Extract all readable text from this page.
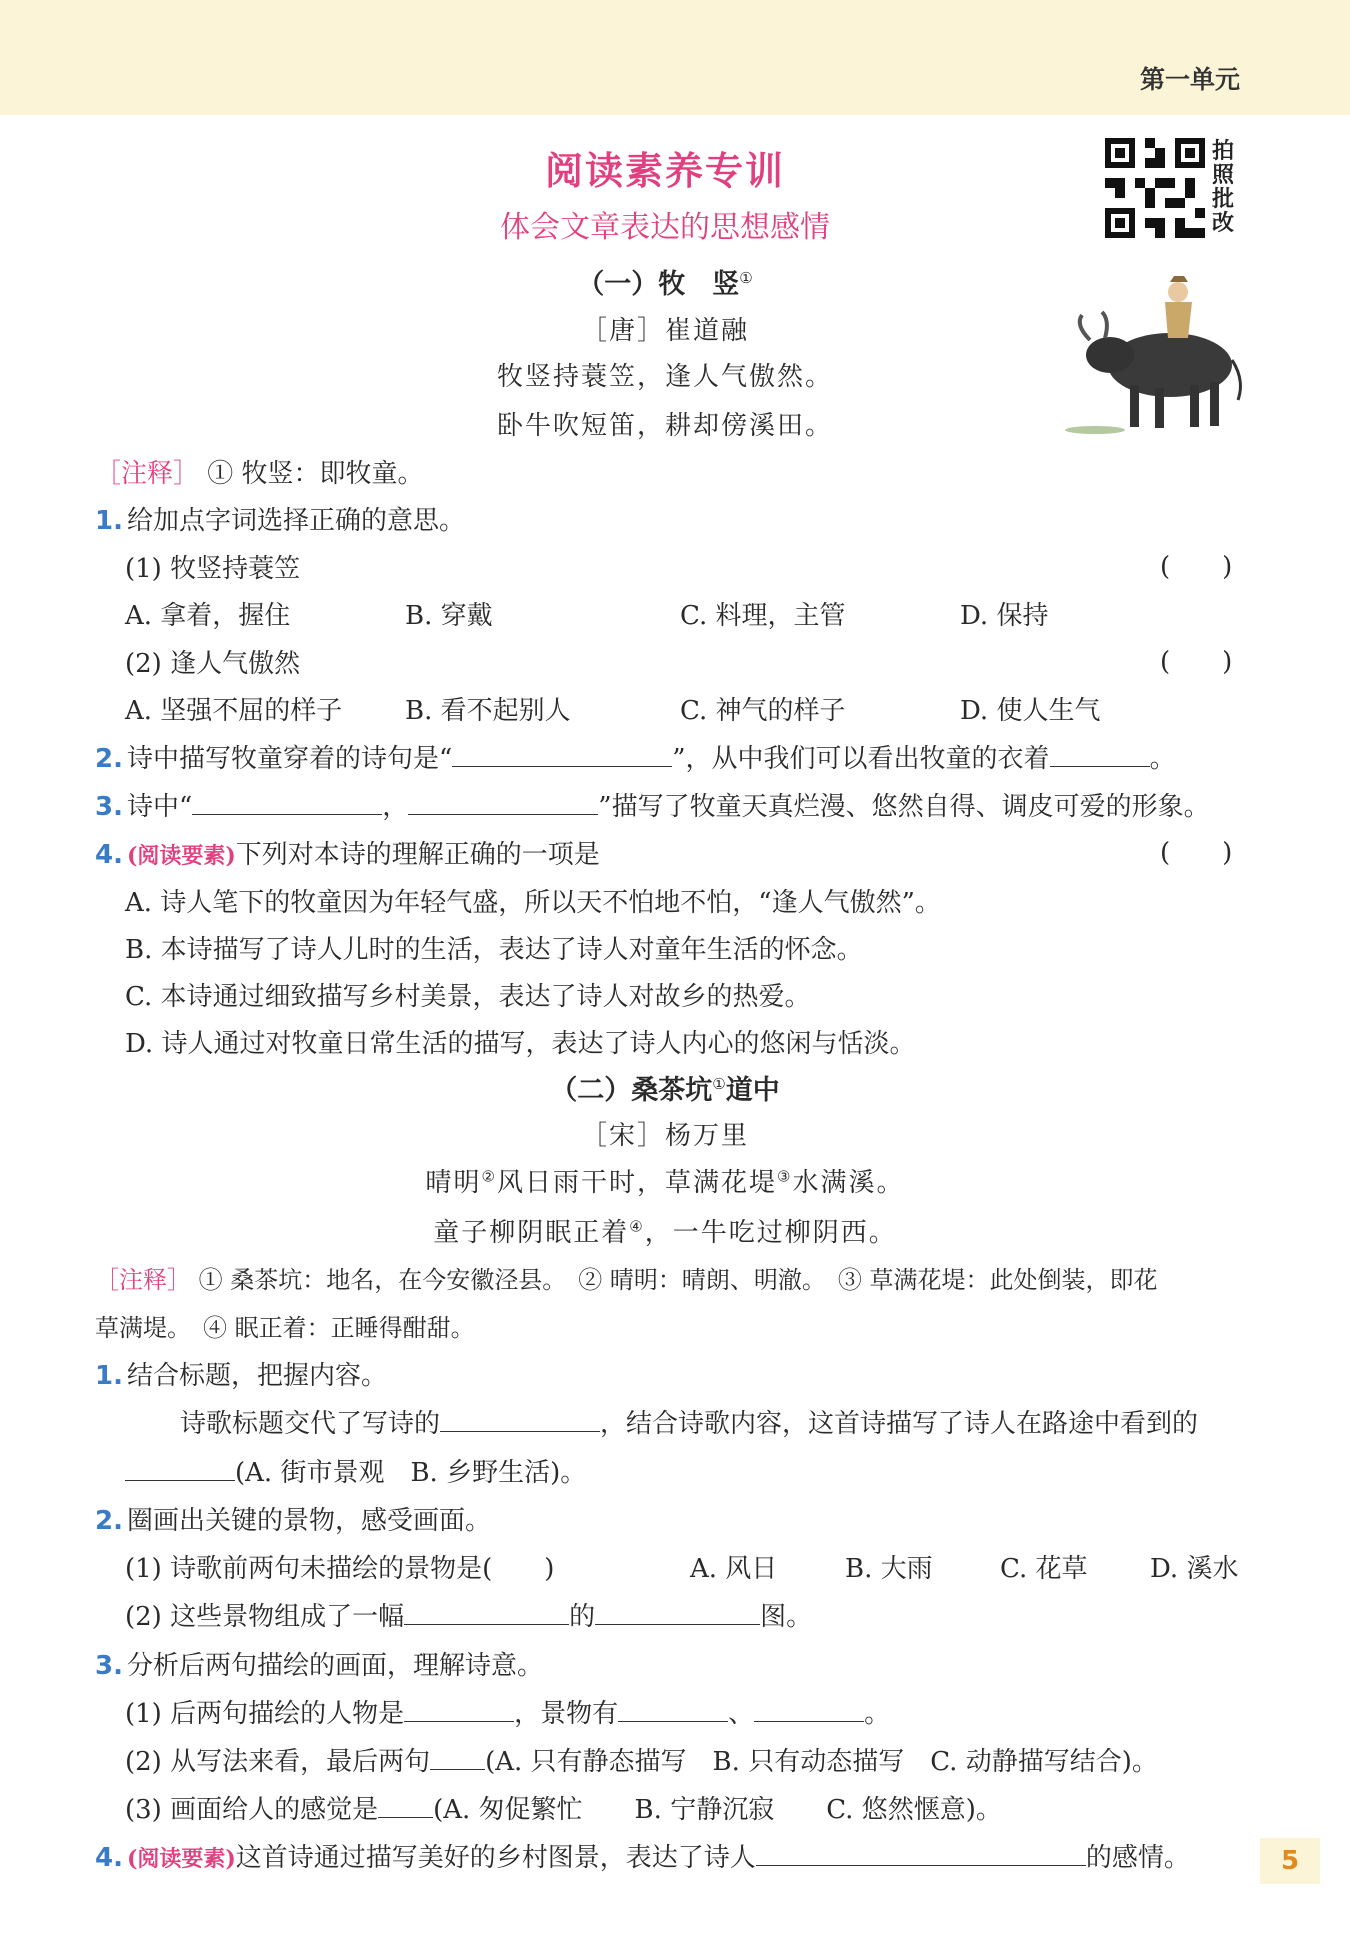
第一单元
阅读素养专训
体会文章表达的思想感情
拍照批改
（一）牧　竖①
［唐］崔道融
牧竖持蓑笠，逢人气傲然。
卧牛吹短笛，耕却傍溪田。
［注释］ ① 牧竖：即牧童。
1. 给加点字词选择正确的意思。
(1) 牧竖持蓑笠	(　　)
A. 拿着，握住	B. 穿戴	C. 料理，主管	D. 保持
(2) 逢人气傲然	(　　)
A. 坚强不屈的样子 B. 看不起别人	C. 神气的样子	D. 使人生气
2. 诗中描写牧童穿着的诗句是“	”，从中我们可以看出牧童的衣着	。
3. 诗中“	，	”描写了牧童天真烂漫、悠然自得、调皮可爱的形象。
4. (阅读要素)下列对本诗的理解正确的一项是	(　　)
A. 诗人笔下的牧童因为年轻气盛，所以天不怕地不怕，“逢人气傲然”。
B. 本诗描写了诗人儿时的生活，表达了诗人对童年生活的怀念。
C. 本诗通过细致描写乡村美景，表达了诗人对故乡的热爱。
D. 诗人通过对牧童日常生活的描写，表达了诗人内心的悠闲与恬淡。
（二）桑茶坑①道中
［宋］杨万里
晴明②风日雨干时，草满花堤③水满溪。
童子柳阴眠正着④，一牛吃过柳阴西。
［注释］ ① 桑茶坑：地名，在今安徽泾县。　② 晴明：晴朗、明澈。　③ 草满花堤：此处倒装，即花
草满堤。　④ 眠正着：正睡得酣甜。
1. 结合标题，把握内容。
诗歌标题交代了写诗的	，结合诗歌内容，这首诗描写了诗人在路途中看到的
(A. 街市景观　B. 乡野生活)。
2. 圈画出关键的景物，感受画面。
(1) 诗歌前两句未描绘的景物是(　　)	A. 风日	B. 大雨	C. 花草 D. 溪水
(2) 这些景物组成了一幅	的	图。
3. 分析后两句描绘的画面，理解诗意。
(1) 后两句描绘的人物是	，景物有	、	。
(2) 从写法来看，最后两句 (A. 只有静态描写　B. 只有动态描写　C. 动静描写结合)。
(3) 画面给人的感觉是 (A. 匆促繁忙　　B. 宁静沉寂　　C. 悠然惬意)。
4. (阅读要素)这首诗通过描写美好的乡村图景，表达了诗人	的感情。	5
